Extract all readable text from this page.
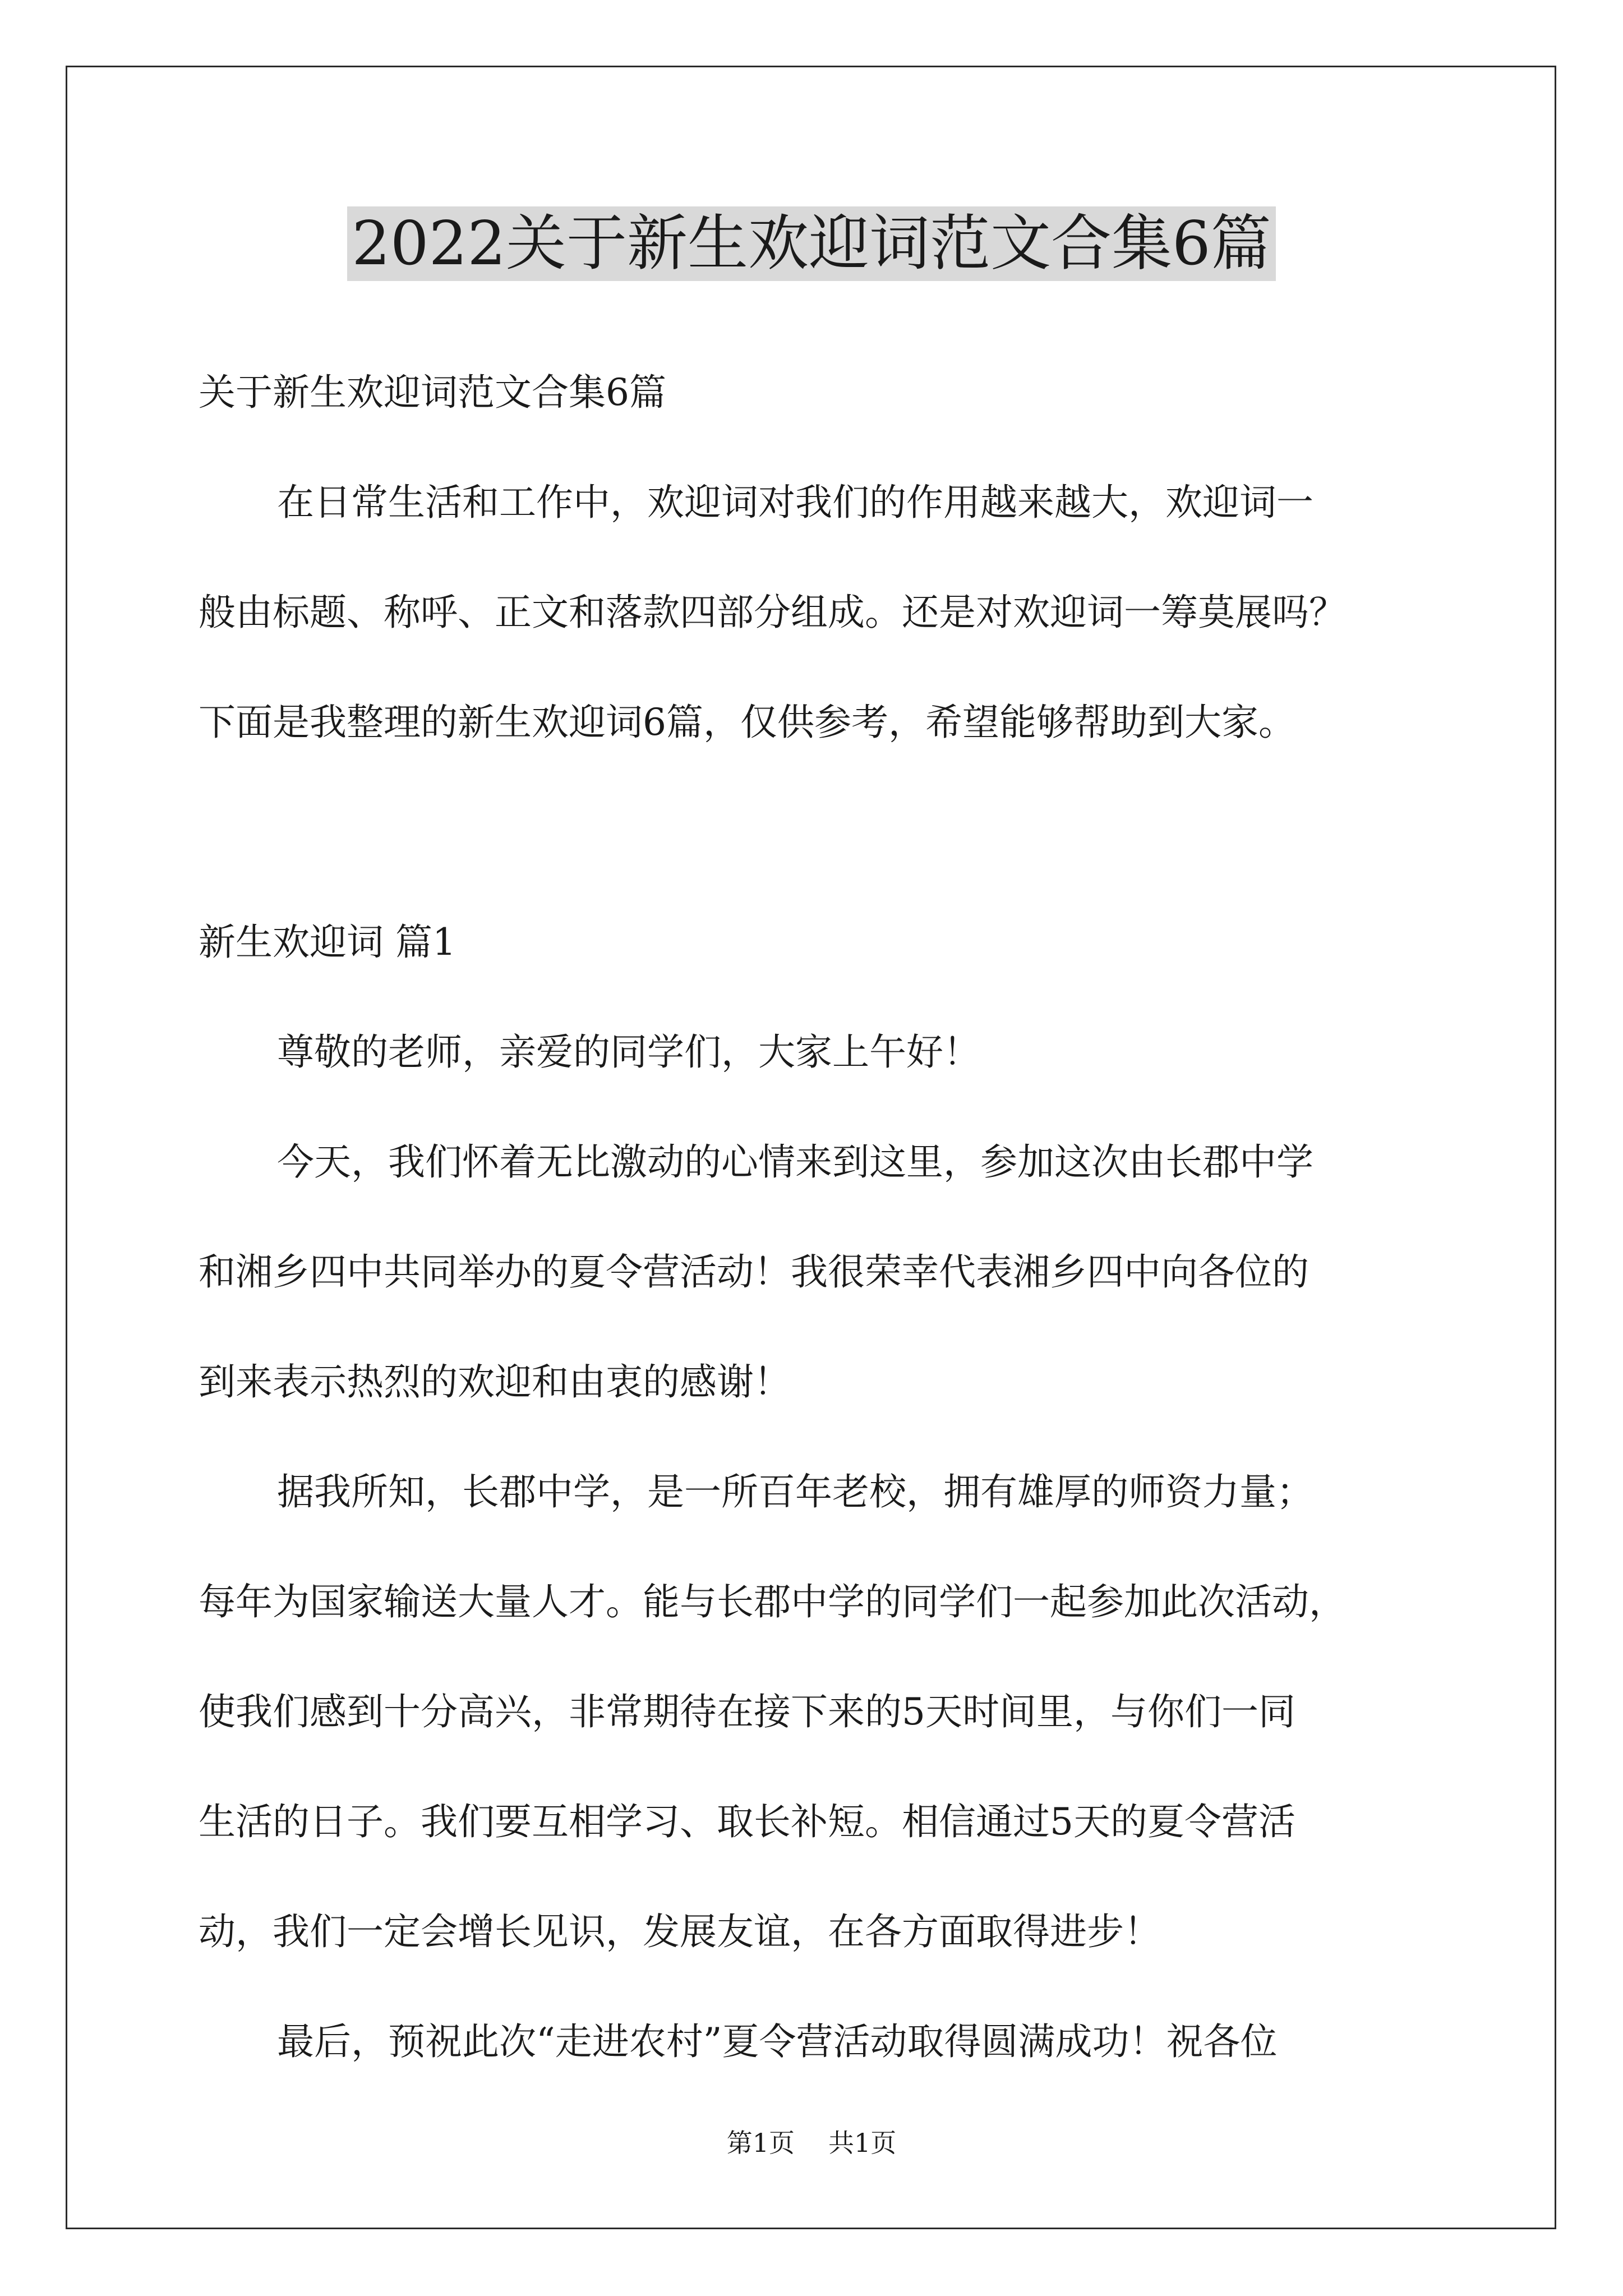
2022关于新生欢迎词范文合集6篇

关于新生欢迎词范文合集6篇

在日常生活和工作中，欢迎词对我们的作用越来越大，欢迎词一

般由标题、称呼、正文和落款四部分组成。还是对欢迎词一筹莫展吗？

下面是我整理的新生欢迎词6篇，仅供参考，希望能够帮助到大家。

新生欢迎词 篇1

尊敬的老师，亲爱的同学们，大家上午好！

今天，我们怀着无比激动的心情来到这里，参加这次由长郡中学

和湘乡四中共同举办的夏令营活动！我很荣幸代表湘乡四中向各位的

到来表示热烈的欢迎和由衷的感谢！

据我所知，长郡中学，是一所百年老校，拥有雄厚的师资力量；

每年为国家输送大量人才。能与长郡中学的同学们一起参加此次活动，

使我们感到十分高兴，非常期待在接下来的5天时间里，与你们一同

生活的日子。我们要互相学习、取长补短。相信通过5天的夏令营活

动，我们一定会增长见识，发展友谊，在各方面取得进步！

最后，预祝此次“走进农村”夏令营活动取得圆满成功！祝各位

第1页 共1页
